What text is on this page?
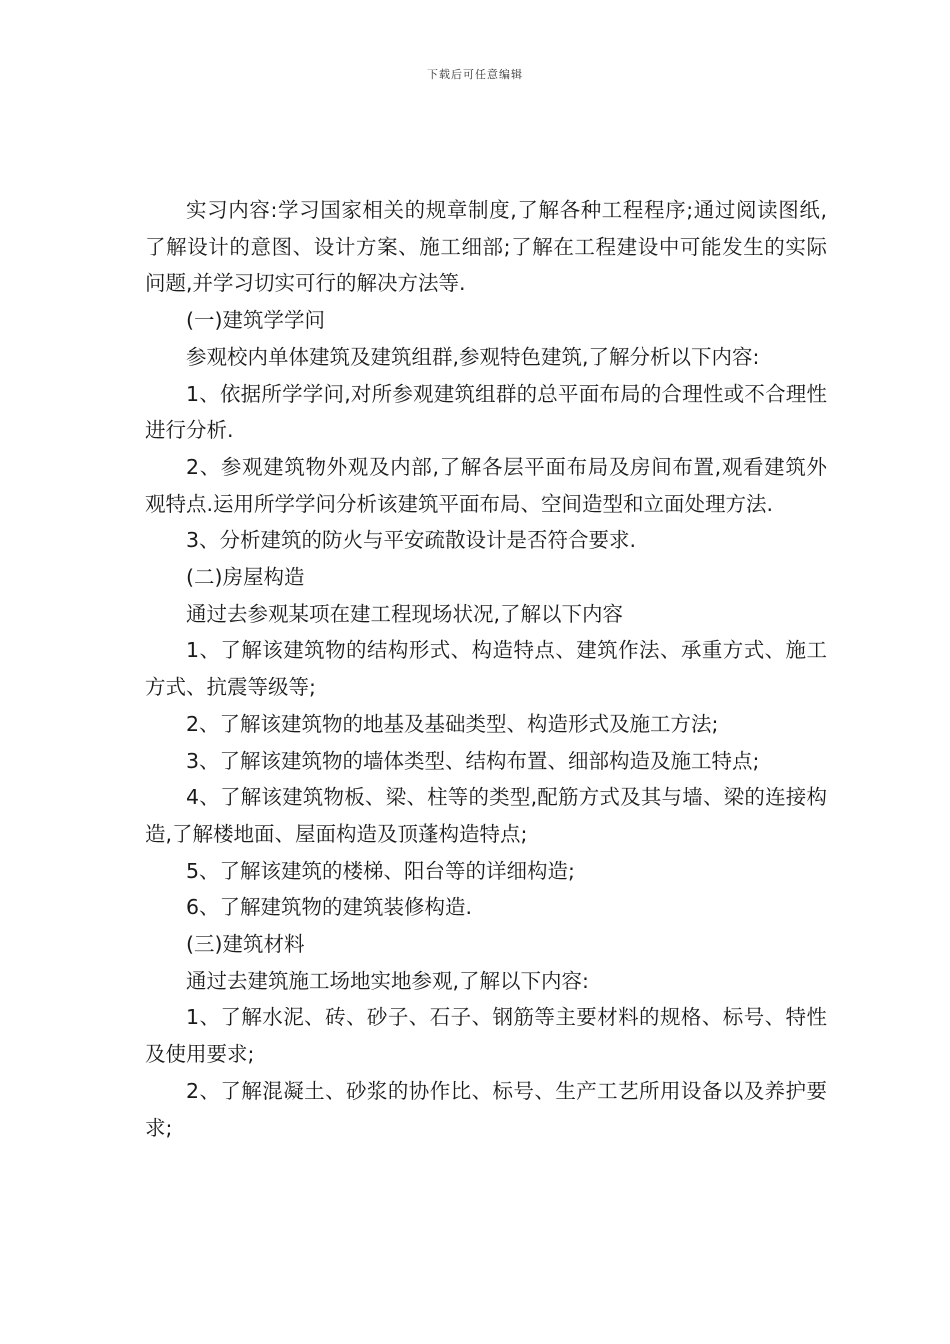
下载后可任意编辑

实习内容:学习国家相关的规章制度,了解各种工程程序;通过阅读图纸,了解设计的意图、设计方案、施工细部;了解在工程建设中可能发生的实际问题,并学习切实可行的解决方法等.

(一)建筑学学问

参观校内单体建筑及建筑组群,参观特色建筑,了解分析以下内容:

1、依据所学学问,对所参观建筑组群的总平面布局的合理性或不合理性进行分析.

2、参观建筑物外观及内部,了解各层平面布局及房间布置,观看建筑外观特点.运用所学学问分析该建筑平面布局、空间造型和立面处理方法.

3、分析建筑的防火与平安疏散设计是否符合要求.

(二)房屋构造

通过去参观某项在建工程现场状况,了解以下内容

1、了解该建筑物的结构形式、构造特点、建筑作法、承重方式、施工方式、抗震等级等;

2、了解该建筑物的地基及基础类型、构造形式及施工方法;

3、了解该建筑物的墙体类型、结构布置、细部构造及施工特点;

4、了解该建筑物板、梁、柱等的类型,配筋方式及其与墙、梁的连接构造,了解楼地面、屋面构造及顶蓬构造特点;

5、了解该建筑的楼梯、阳台等的详细构造;

6、了解建筑物的建筑装修构造.

(三)建筑材料

通过去建筑施工场地实地参观,了解以下内容:

1、了解水泥、砖、砂子、石子、钢筋等主要材料的规格、标号、特性及使用要求;

2、了解混凝土、砂浆的协作比、标号、生产工艺所用设备以及养护要求;
